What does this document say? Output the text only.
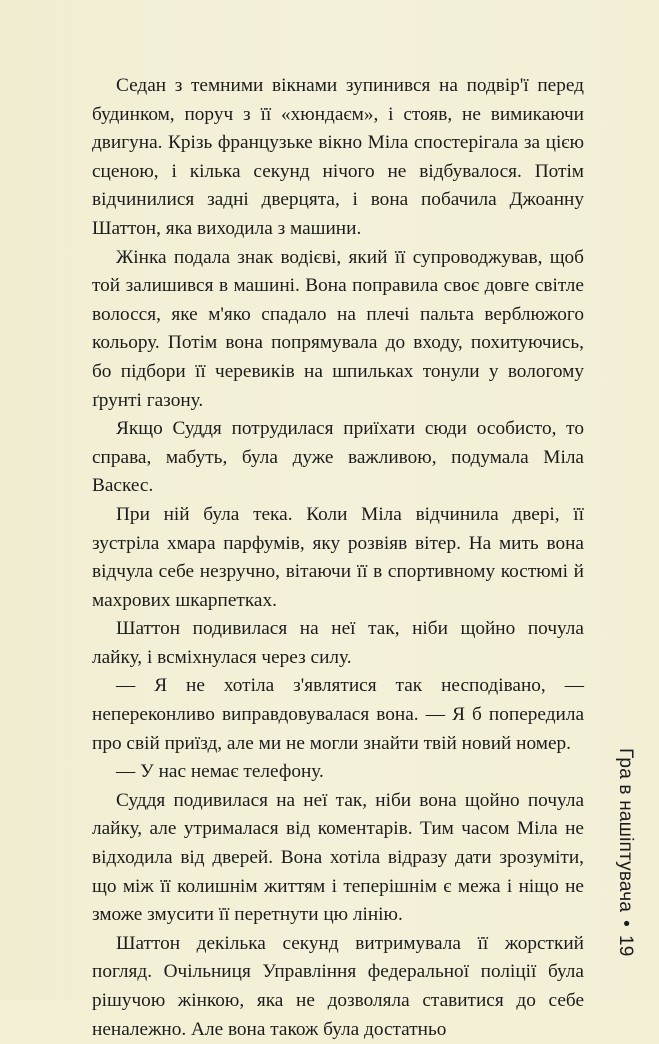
Седан з темними вікнами зупинився на подвір'ї перед будинком, поруч з її «хюндаєм», і стояв, не вимикаючи двигуна. Крізь французьке вікно Міла спостерігала за цією сценою, і кілька секунд нічого не відбувалося. Потім відчинилися задні дверцята, і вона побачила Джоанну Шаттон, яка виходила з машини.

Жінка подала знак водієві, який її супроводжував, щоб той залишився в машині. Вона поправила своє довге світле волосся, яке м'яко спадало на плечі пальта верблюжого кольору. Потім вона попрямувала до входу, похитуючись, бо підбори її черевиків на шпильках тонули у вологому ґрунті газону.

Якщо Суддя потрудилася приїхати сюди особисто, то справа, мабуть, була дуже важливою, подумала Міла Васкес.

При ній була тека. Коли Міла відчинила двері, її зустріла хмара парфумів, яку розвіяв вітер. На мить вона відчула себе незручно, вітаючи її в спортивному костюмі й махрових шкарпетках.

Шаттон подивилася на неї так, ніби щойно почула лайку, і всміхнулася через силу.

— Я не хотіла з'являтися так несподівано, — непереконливо виправдовувалася вона. — Я б попередила про свій приїзд, але ми не могли знайти твій новий номер.

— У нас немає телефону.

Суддя подивилася на неї так, ніби вона щойно почула лайку, але утрималася від коментарів. Тим часом Міла не відходила від дверей. Вона хотіла відразу дати зрозуміти, що між її колишнім життям і теперішнім є межа і ніщо не зможе змусити її перетнути цю лінію.

Шаттон декілька секунд витримувала її жорсткий погляд. Очільниця Управління федеральної поліції була рішучою жінкою, яка не дозволяла ставитися до себе неналежно. Але вона також була достатньо

Гра в нашіптувача•19
